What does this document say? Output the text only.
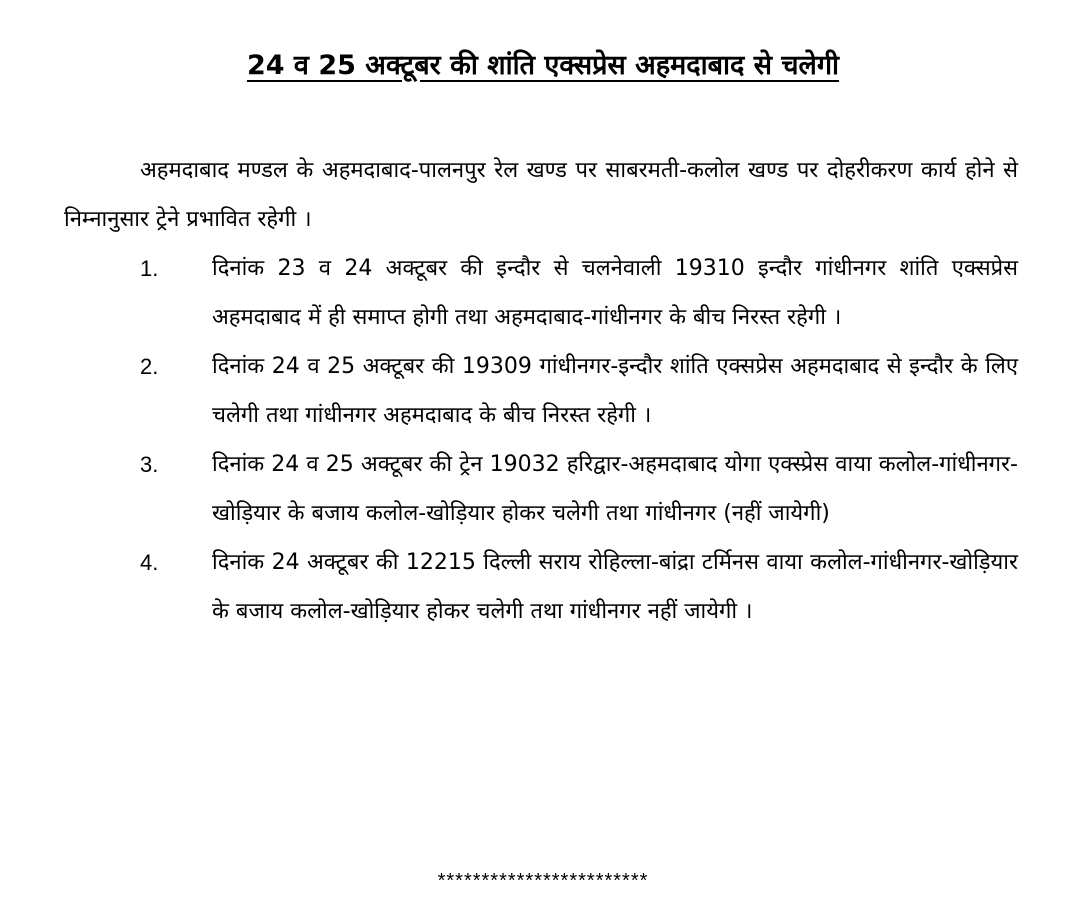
24 व 25 अक्टूबर की शांति एक्सप्रेस अहमदाबाद से चलेगी
अहमदाबाद मण्डल के अहमदाबाद-पालनपुर रेल खण्ड पर साबरमती-कलोल खण्ड पर दोहरीकरण कार्य होने से निम्नानुसार ट्रेने प्रभावित रहेगी ।
1. दिनांक 23 व 24 अक्टूबर की इन्दौर से चलनेवाली 19310 इन्दौर गांधीनगर शांति एक्सप्रेस अहमदाबाद में ही समाप्त होगी तथा अहमदाबाद-गांधीनगर के बीच निरस्त रहेगी ।
2. दिनांक 24 व 25 अक्टूबर की 19309 गांधीनगर-इन्दौर शांति एक्सप्रेस अहमदाबाद से इन्दौर के लिए चलेगी तथा गांधीनगर अहमदाबाद के बीच निरस्त रहेगी ।
3. दिनांक 24 व 25 अक्टूबर की ट्रेन 19032 हरिद्वार-अहमदाबाद योगा एक्स्प्रेस वाया कलोल-गांधीनगर-खोड़ियार के बजाय कलोल-खोड़ियार होकर चलेगी तथा गांधीनगर (नहीं जायेगी)
4. दिनांक 24 अक्टूबर की 12215 दिल्ली सराय रोहिल्ला-बांद्रा टर्मिनस वाया कलोल-गांधीनगर-खोड़ियार के बजाय कलोल-खोड़ियार होकर चलेगी तथा गांधीनगर नहीं जायेगी ।
************************
